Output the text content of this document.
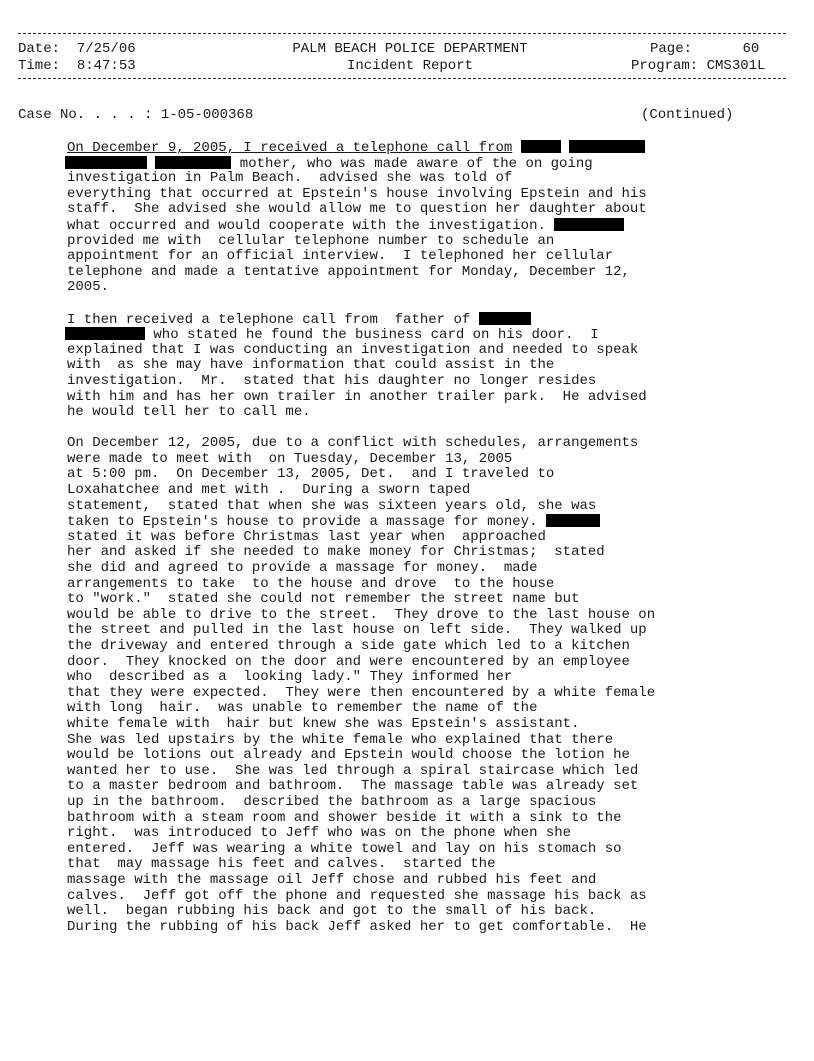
Date: 7/25/06
Time: 8:47:53
PALM BEACH POLICE DEPARTMENT
Incident Report
Page:	60
Program: CMS301L
Case No. . . . : 1-05-000368	(Continued)
On December 9, 2005, I received a telephone call from
mother, who was made aware of the on going
investigation in Palm Beach.  advised she was told of
everything that occurred at Epstein's house involving Epstein and his
staff.  She advised she would allow me to question her daughter about
what occurred and would cooperate with the investigation.
provided me with  cellular telephone number to schedule an
appointment for an official interview.  I telephoned her cellular
telephone and made a tentative appointment for Monday, December 12,
2005.
I then received a telephone call from  father of
who stated he found the business card on his door.  I
explained that I was conducting an investigation and needed to speak
with  as she may have information that could assist in the
investigation.  Mr.  stated that his daughter no longer resides
with him and has her own trailer in another trailer park.  He advised
he would tell her to call me.
On December 12, 2005, due to a conflict with schedules, arrangements
were made to meet with  on Tuesday, December 13, 2005
at 5:00 pm.  On December 13, 2005, Det.  and I traveled to
Loxahatchee and met with .  During a sworn taped
statement,  stated that when she was sixteen years old, she was
taken to Epstein's house to provide a massage for money.
stated it was before Christmas last year when  approached
her and asked if she needed to make money for Christmas;  stated
she did and agreed to provide a massage for money.  made
arrangements to take  to the house and drove  to the house
to "work."  stated she could not remember the street name but
would be able to drive to the street.  They drove to the last house on
the street and pulled in the last house on left side.  They walked up
the driveway and entered through a side gate which led to a kitchen
door.  They knocked on the door and were encountered by an employee
who  described as a  looking lady." They informed her
that they were expected.  They were then encountered by a white female
with long  hair.  was unable to remember the name of the
white female with  hair but knew she was Epstein's assistant.
She was led upstairs by the white female who explained that there
would be lotions out already and Epstein would choose the lotion he
wanted her to use.  She was led through a spiral staircase which led
to a master bedroom and bathroom.  The massage table was already set
up in the bathroom.  described the bathroom as a large spacious
bathroom with a steam room and shower beside it with a sink to the
right.  was introduced to Jeff who was on the phone when she
entered.  Jeff was wearing a white towel and lay on his stomach so
that  may massage his feet and calves.  started the
massage with the massage oil Jeff chose and rubbed his feet and
calves.  Jeff got off the phone and requested she massage his back as
well.  began rubbing his back and got to the small of his back.
During the rubbing of his back Jeff asked her to get comfortable.  He
